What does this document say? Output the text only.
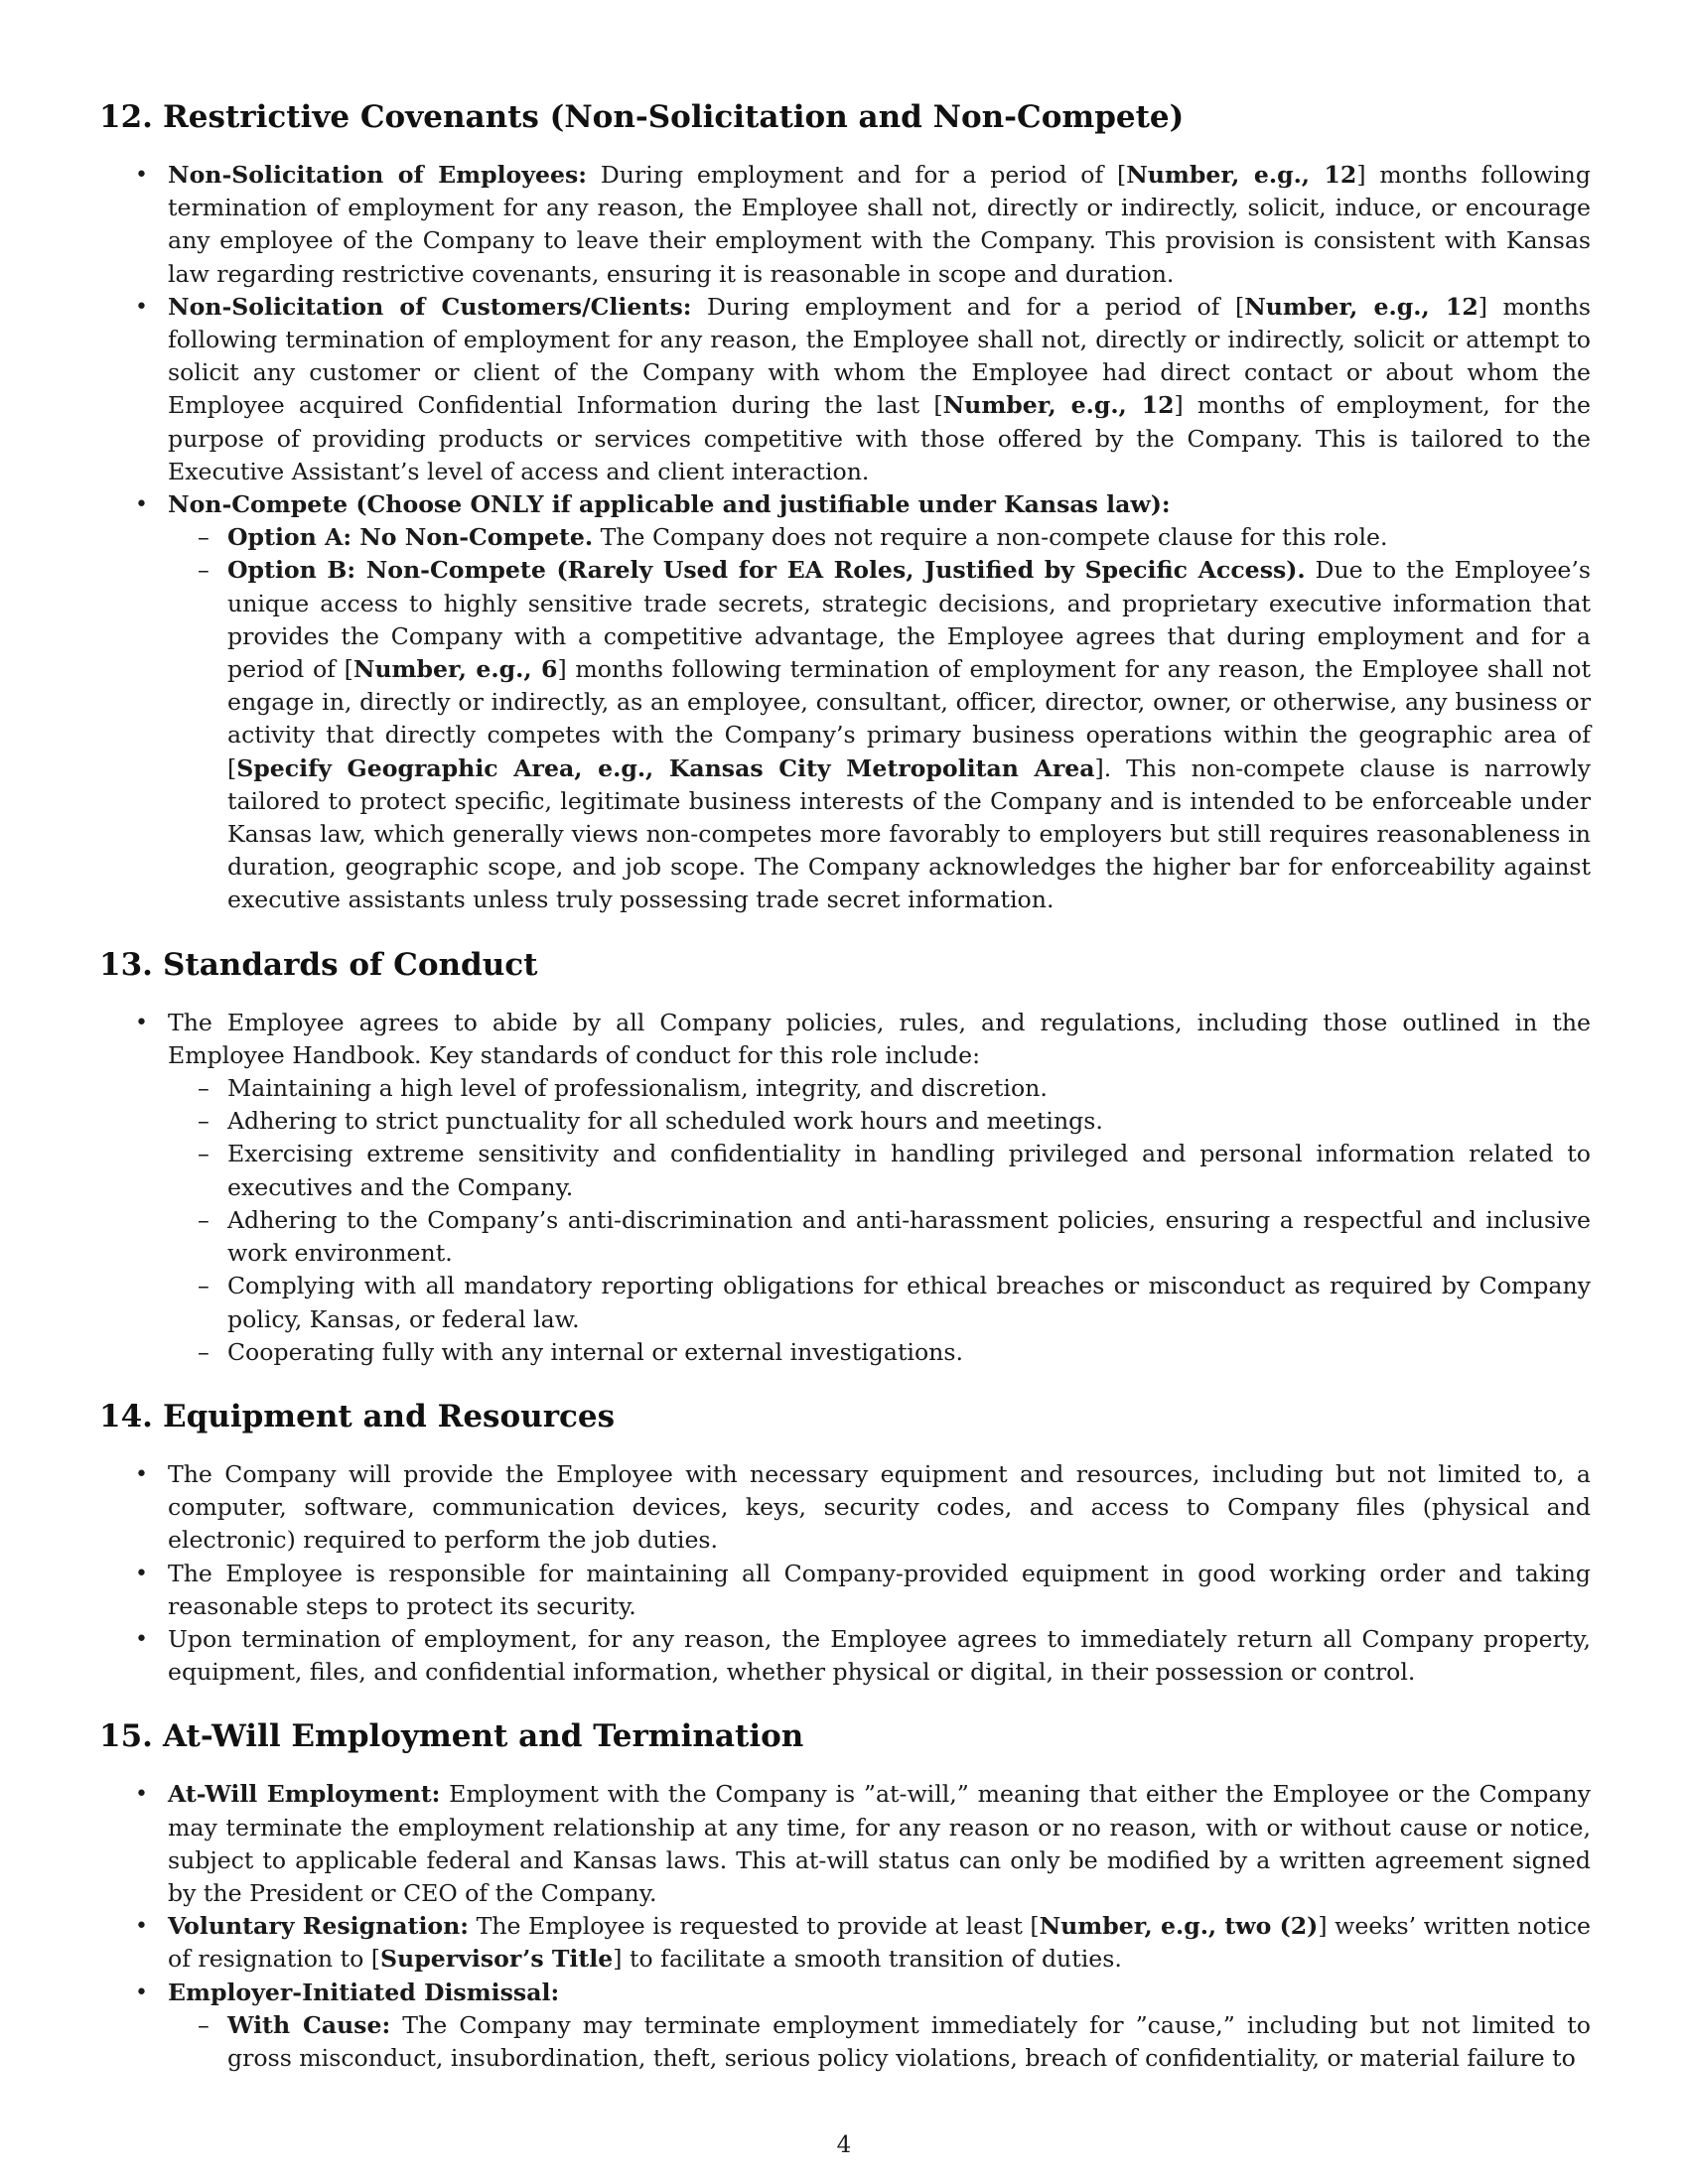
12. Restrictive Covenants (Non-Solicitation and Non-Compete)
• Non-Solicitation of Employees: During employment and for a period of [Number, e.g., 12] months following termination of employment for any reason, the Employee shall not, directly or indirectly, solicit, induce, or encourage any employee of the Company to leave their employment with the Company. This provision is consistent with Kansas law regarding restrictive covenants, ensuring it is reasonable in scope and duration.
• Non-Solicitation of Customers/Clients: During employment and for a period of [Number, e.g., 12] months following termination of employment for any reason, the Employee shall not, directly or indirectly, solicit or attempt to solicit any customer or client of the Company with whom the Employee had direct contact or about whom the Employee acquired Confidential Information during the last [Number, e.g., 12] months of employment, for the purpose of providing products or services competitive with those offered by the Company. This is tailored to the Executive Assistant’s level of access and client interaction.
• Non-Compete (Choose ONLY if applicable and justifiable under Kansas law):
– Option A: No Non-Compete. The Company does not require a non-compete clause for this role.
– Option B: Non-Compete (Rarely Used for EA Roles, Justified by Specific Access). Due to the Employee’s unique access to highly sensitive trade secrets, strategic decisions, and proprietary executive information that provides the Company with a competitive advantage, the Employee agrees that during employment and for a period of [Number, e.g., 6] months following termination of employment for any reason, the Employee shall not engage in, directly or indirectly, as an employee, consultant, officer, director, owner, or otherwise, any business or activity that directly competes with the Company’s primary business operations within the geographic area of [Specify Geographic Area, e.g., Kansas City Metropolitan Area]. This non-compete clause is narrowly tailored to protect specific, legitimate business interests of the Company and is intended to be enforceable under Kansas law, which generally views non-competes more favorably to employers but still requires reasonableness in duration, geographic scope, and job scope. The Company acknowledges the higher bar for enforceability against executive assistants unless truly possessing trade secret information.
13. Standards of Conduct
• The Employee agrees to abide by all Company policies, rules, and regulations, including those outlined in the Employee Handbook. Key standards of conduct for this role include:
– Maintaining a high level of professionalism, integrity, and discretion.
– Adhering to strict punctuality for all scheduled work hours and meetings.
– Exercising extreme sensitivity and confidentiality in handling privileged and personal information related to executives and the Company.
– Adhering to the Company’s anti-discrimination and anti-harassment policies, ensuring a respectful and inclusive work environment.
– Complying with all mandatory reporting obligations for ethical breaches or misconduct as required by Company policy, Kansas, or federal law.
– Cooperating fully with any internal or external investigations.
14. Equipment and Resources
• The Company will provide the Employee with necessary equipment and resources, including but not limited to, a computer, software, communication devices, keys, security codes, and access to Company files (physical and electronic) required to perform the job duties.
• The Employee is responsible for maintaining all Company-provided equipment in good working order and taking reasonable steps to protect its security.
• Upon termination of employment, for any reason, the Employee agrees to immediately return all Company property, equipment, files, and confidential information, whether physical or digital, in their possession or control.
15. At-Will Employment and Termination
• At-Will Employment: Employment with the Company is ”at-will,” meaning that either the Employee or the Company may terminate the employment relationship at any time, for any reason or no reason, with or without cause or notice, subject to applicable federal and Kansas laws. This at-will status can only be modified by a written agreement signed by the President or CEO of the Company.
• Voluntary Resignation: The Employee is requested to provide at least [Number, e.g., two (2)] weeks’ written notice of resignation to [Supervisor’s Title] to facilitate a smooth transition of duties.
• Employer-Initiated Dismissal:
– With Cause: The Company may terminate employment immediately for ”cause,” including but not limited to gross misconduct, insubordination, theft, serious policy violations, breach of confidentiality, or material failure to
4
